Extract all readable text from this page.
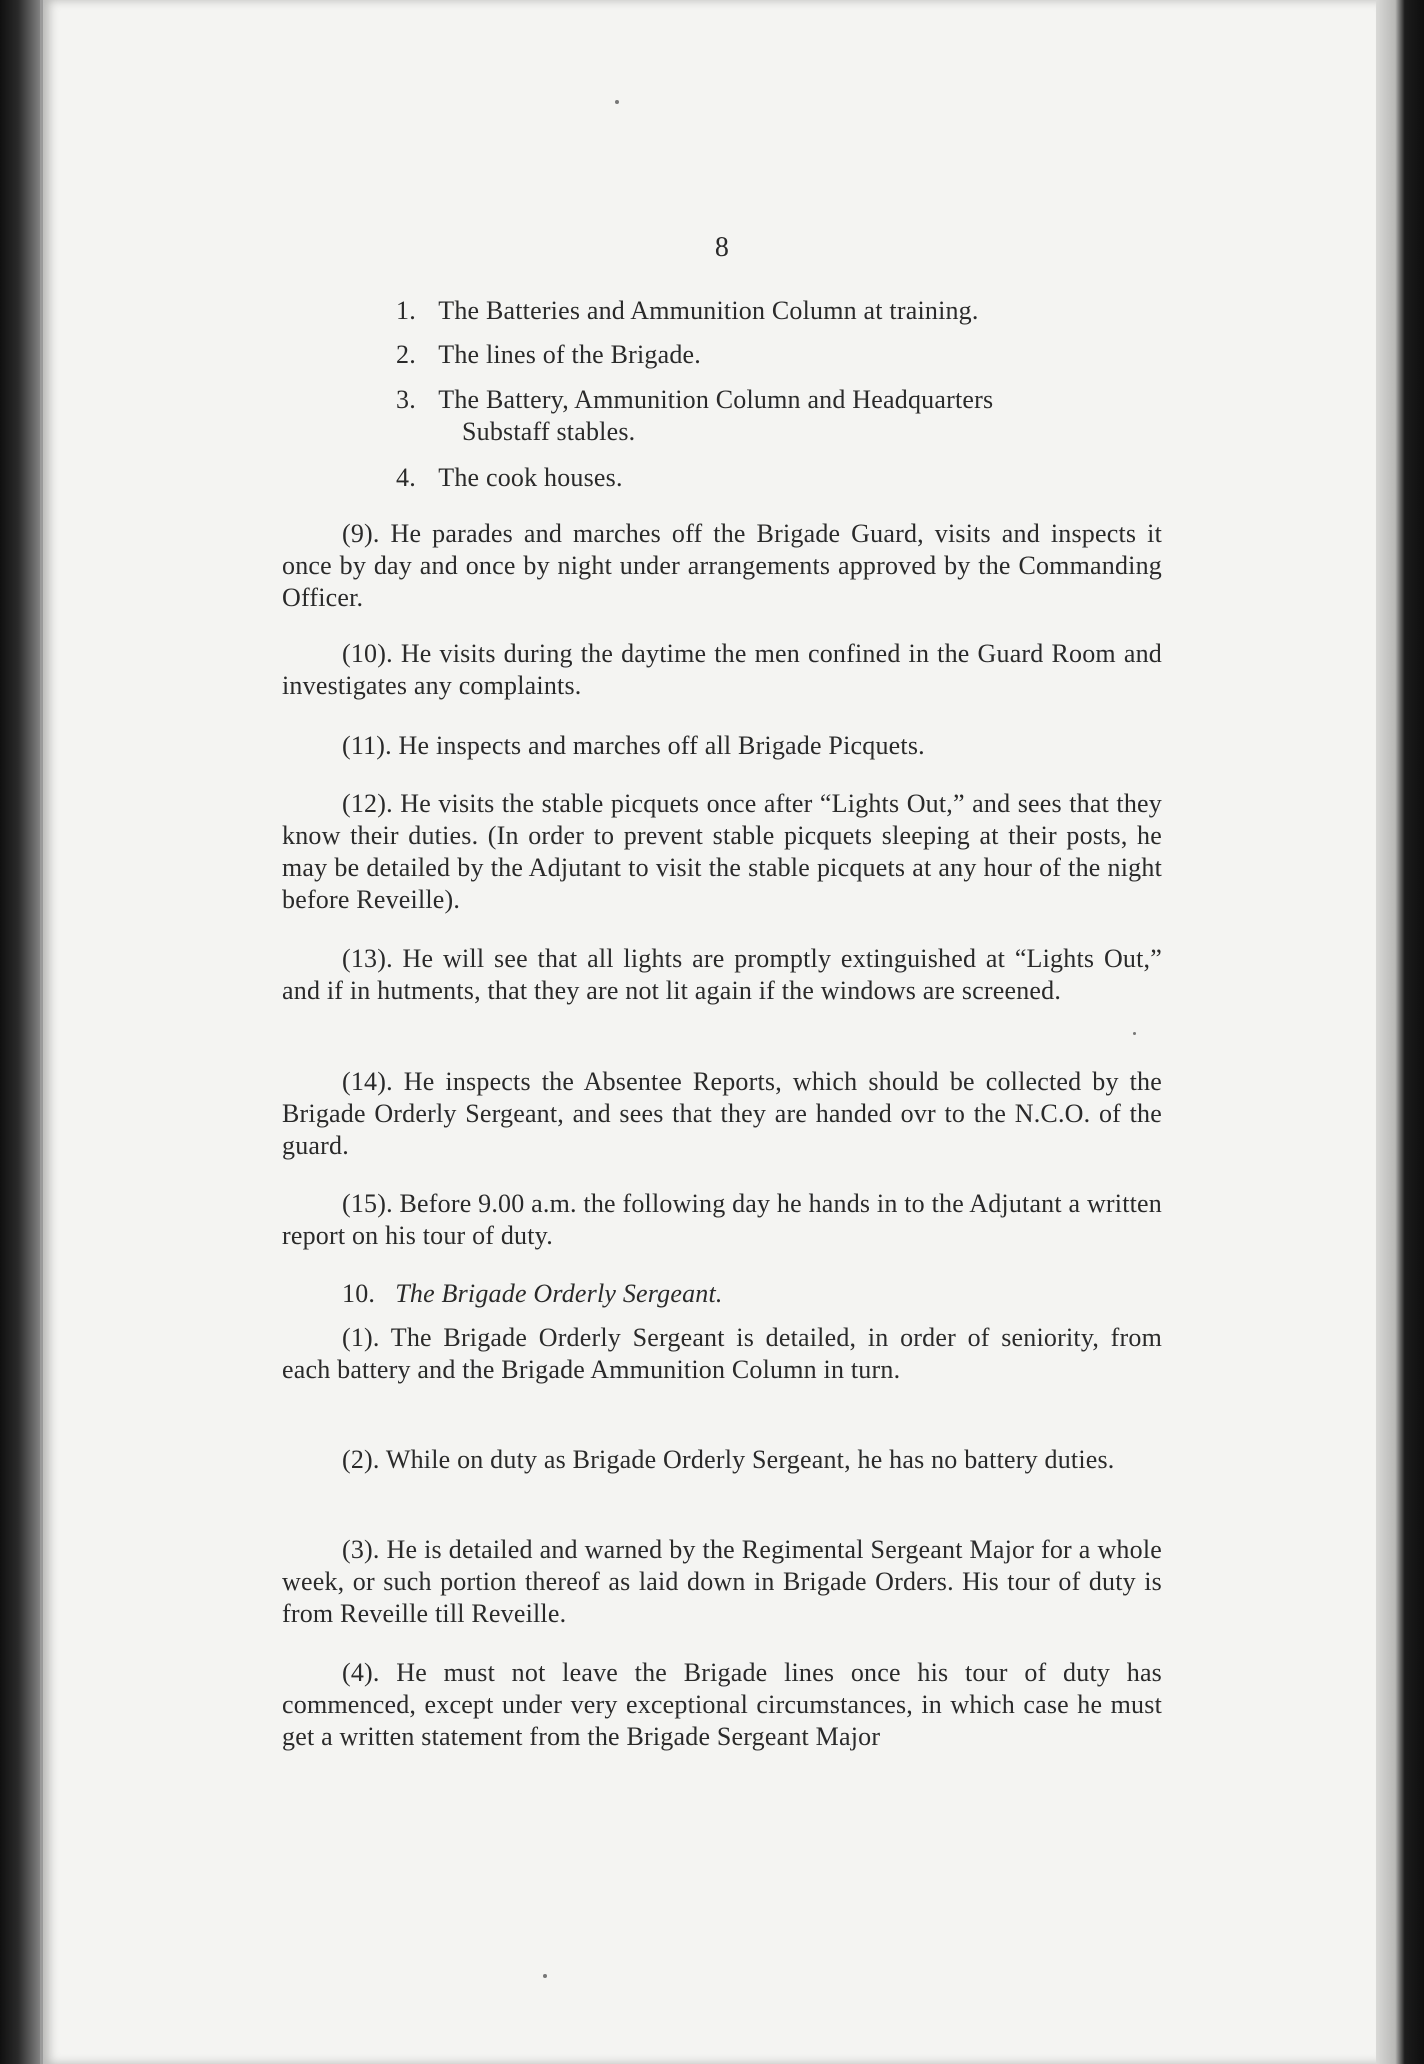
8

1. The Batteries and Ammunition Column at training.

2. The lines of the Brigade.

3. The Battery, Ammunition Column and Headquarters
Substaff stables.

4. The cook houses.

(9). He parades and marches off the Brigade Guard, visits and inspects it once by day and once by night under arrangements approved by the Commanding Officer.

(10). He visits during the daytime the men confined in the Guard Room and investigates any complaints.

(11). He inspects and marches off all Brigade Picquets.

(12). He visits the stable picquets once after “Lights Out,” and sees that they know their duties. (In order to prevent stable picquets sleeping at their posts, he may be detailed by the Adjutant to visit the stable picquets at any hour of the night before Reveille).

(13). He will see that all lights are promptly extinguished at “Lights Out,” and if in hutments, that they are not lit again if the windows are screened.

(14). He inspects the Absentee Reports, which should be collected by the Brigade Orderly Sergeant, and sees that they are handed ovr to the N.C.O. of the guard.

(15). Before 9.00 a.m. the following day he hands in to the Adjutant a written report on his tour of duty.

10. The Brigade Orderly Sergeant.

(1). The Brigade Orderly Sergeant is detailed, in order of seniority, from each battery and the Brigade Ammunition Column in turn.

(2). While on duty as Brigade Orderly Sergeant, he has no battery duties.

(3). He is detailed and warned by the Regimental Sergeant Major for a whole week, or such portion thereof as laid down in Brigade Orders. His tour of duty is from Reveille till Reveille.

(4). He must not leave the Brigade lines once his tour of duty has commenced, except under very exceptional circumstances, in which case he must get a written statement from the Brigade Sergeant Major
